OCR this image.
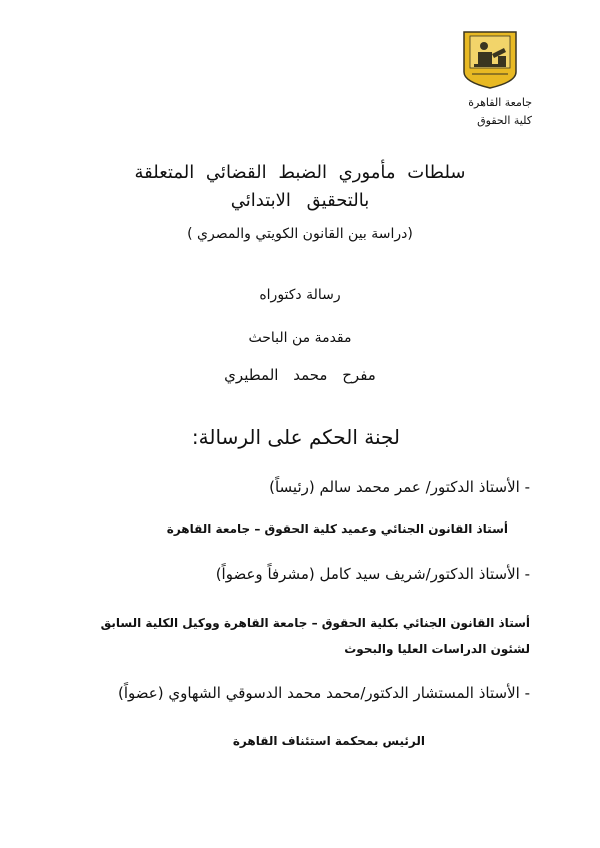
جامعة القاهرة
كلية الحقوق
سلطات مأموري الضبط القضائي المتعلقة
بالتحقيق الابتدائي
(دراسة بين القانون الكويتي والمصري )
رسالة دكتوراه
مقدمة من الباحث
مفرح محمد المطيري
لجنة الحكم على الرسالة:
- الأستاذ الدكتور/ عمر محمد سالم (رئيساً)
أستاذ القانون الجنائي وعميد كلية الحقوق – جامعة القاهرة
- الأستاذ الدكتور/شريف سيد كامل (مشرفاً وعضواً)
أستاذ القانون الجنائي بكلية الحقوق – جامعة القاهرة ووكيل الكلية السابق لشئون الدراسات العليا والبحوث
- الأستاذ المستشار الدكتور/محمد محمد الدسوقي الشهاوي (عضواً)
الرئيس بمحكمة استئناف القاهرة
